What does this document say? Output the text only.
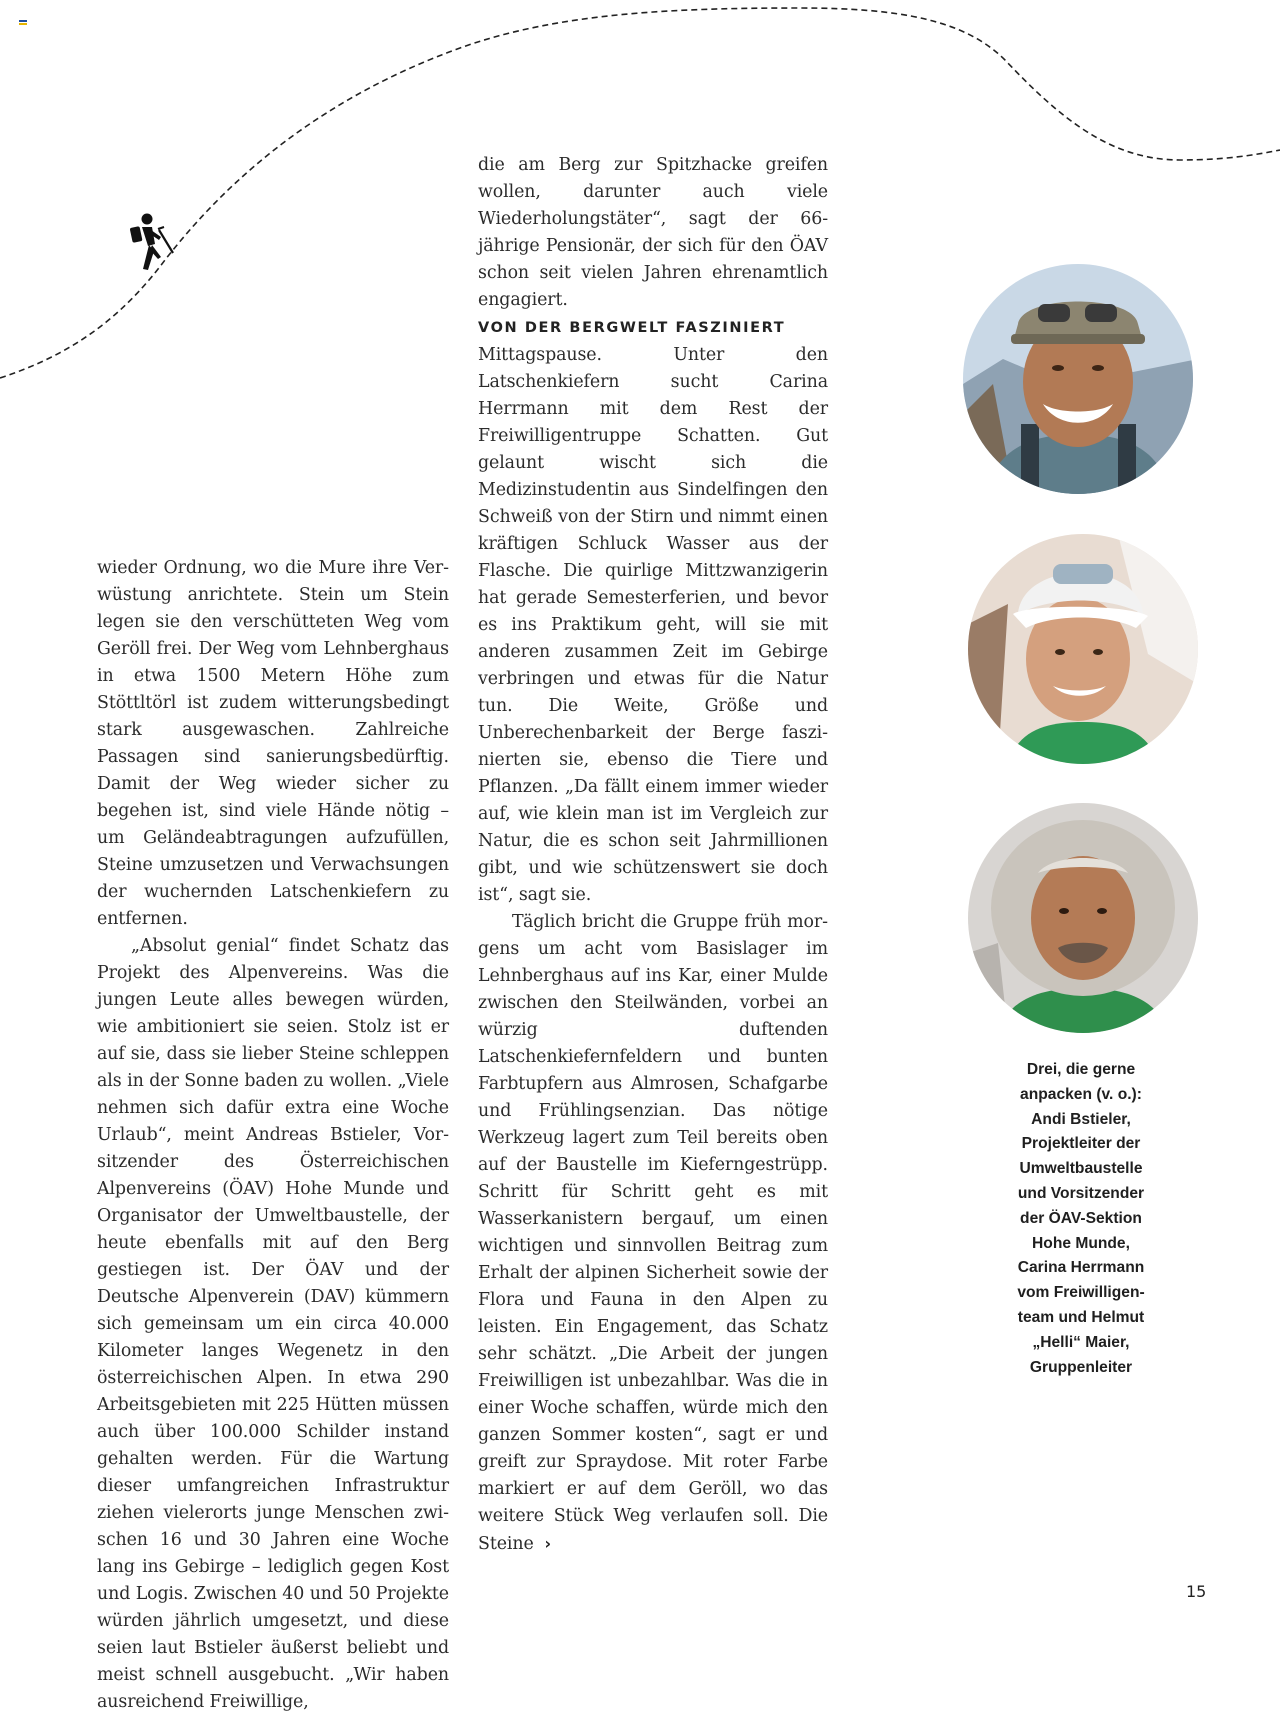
wieder Ordnung, wo die Mure ihre Verwüstung anrichtete. Stein um Stein legen sie den verschütteten Weg vom Geröll frei. Der Weg vom Lehnberghaus in etwa 1500 Metern Höhe zum Stöttltörl ist zudem witterungsbedingt stark ausgewaschen. Zahlreiche Passagen sind sanierungsbedürftig. Damit der Weg wieder sicher zu begehen ist, sind viele Hände nötig – um Geländeabtragungen aufzufüllen, Steine umzusetzen und Verwachsungen der wuchernden Latschenkiefern zu entfernen.

„Absolut genial“ findet Schatz das Projekt des Alpenvereins. Was die jungen Leute alles bewegen würden, wie ambitioniert sie seien. Stolz ist er auf sie, dass sie lieber Steine schleppen als in der Sonne baden zu wollen. „Viele nehmen sich dafür extra eine Woche Urlaub“, meint Andreas Bstieler, Vorsitzender des Österreichischen Alpenvereins (ÖAV) Hohe Munde und Organisator der Umweltbaustelle, der heute ebenfalls mit auf den Berg gestiegen ist. Der ÖAV und der Deutsche Alpenverein (DAV) kümmern sich gemeinsam um ein circa 40.000 Kilometer langes Wegenetz in den österreichischen Alpen. In etwa 290 Arbeitsgebieten mit 225 Hütten müssen auch über 100.000 Schilder instand gehalten werden. Für die Wartung dieser umfangreichen Infrastruktur ziehen vielerorts junge Menschen zwischen 16 und 30 Jahren eine Woche lang ins Gebirge – lediglich gegen Kost und Logis. Zwischen 40 und 50 Projekte würden jährlich umgesetzt, und diese seien laut Bstieler äußerst beliebt und meist schnell ausgebucht. „Wir haben ausreichend Freiwillige,

die am Berg zur Spitzhacke greifen wollen, darunter auch viele Wiederholungstäter“, sagt der 66-jährige Pensionär, der sich für den ÖAV schon seit vielen Jahren ehrenamtlich engagiert.

VON DER BERGWELT FASZINIERT

Mittagspause. Unter den Latschenkiefern sucht Carina Herrmann mit dem Rest der Freiwilligentruppe Schatten. Gut gelaunt wischt sich die Medizinstudentin aus Sindelfingen den Schweiß von der Stirn und nimmt einen kräftigen Schluck Wasser aus der Flasche. Die quirlige Mittzwanzigerin hat gerade Semesterferien, und bevor es ins Praktikum geht, will sie mit anderen zusammen Zeit im Gebirge verbringen und etwas für die Natur tun. Die Weite, Größe und Unberechenbarkeit der Berge faszinierten sie, ebenso die Tiere und Pflanzen. „Da fällt einem immer wieder auf, wie klein man ist im Vergleich zur Natur, die es schon seit Jahrmillionen gibt, und wie schützenswert sie doch ist“, sagt sie.

Täglich bricht die Gruppe früh morgens um acht vom Basislager im Lehnberghaus auf ins Kar, einer Mulde zwischen den Steilwänden, vorbei an würzig duftenden Latschenkiefernfeldern und bunten Farbtupfern aus Almrosen, Schafgarbe und Frühlingsenzian. Das nötige Werkzeug lagert zum Teil bereits oben auf der Baustelle im Kieferngestrüpp. Schritt für Schritt geht es mit Wasserkanistern bergauf, um einen wichtigen und sinnvollen Beitrag zum Erhalt der alpinen Sicherheit sowie der Flora und Fauna in den Alpen zu leisten. Ein Engagement, das Schatz sehr schätzt. „Die Arbeit der jungen Freiwilligen ist unbezahlbar. Was die in einer Woche schaffen, würde mich den ganzen Sommer kosten“, sagt er und greift zur Spraydose. Mit roter Farbe markiert er auf dem Geröll, wo das weitere Stück Weg verlaufen soll. Die Steine ›

Drei, die gerne
anpacken (v. o.):
Andi Bstieler,
Projektleiter der
Umweltbaustelle
und Vorsitzender
der ÖAV-Sektion
Hohe Munde,
Carina Herrmann
vom Freiwilligen-
team und Helmut
„Helli“ Maier,
Gruppenleiter
15
